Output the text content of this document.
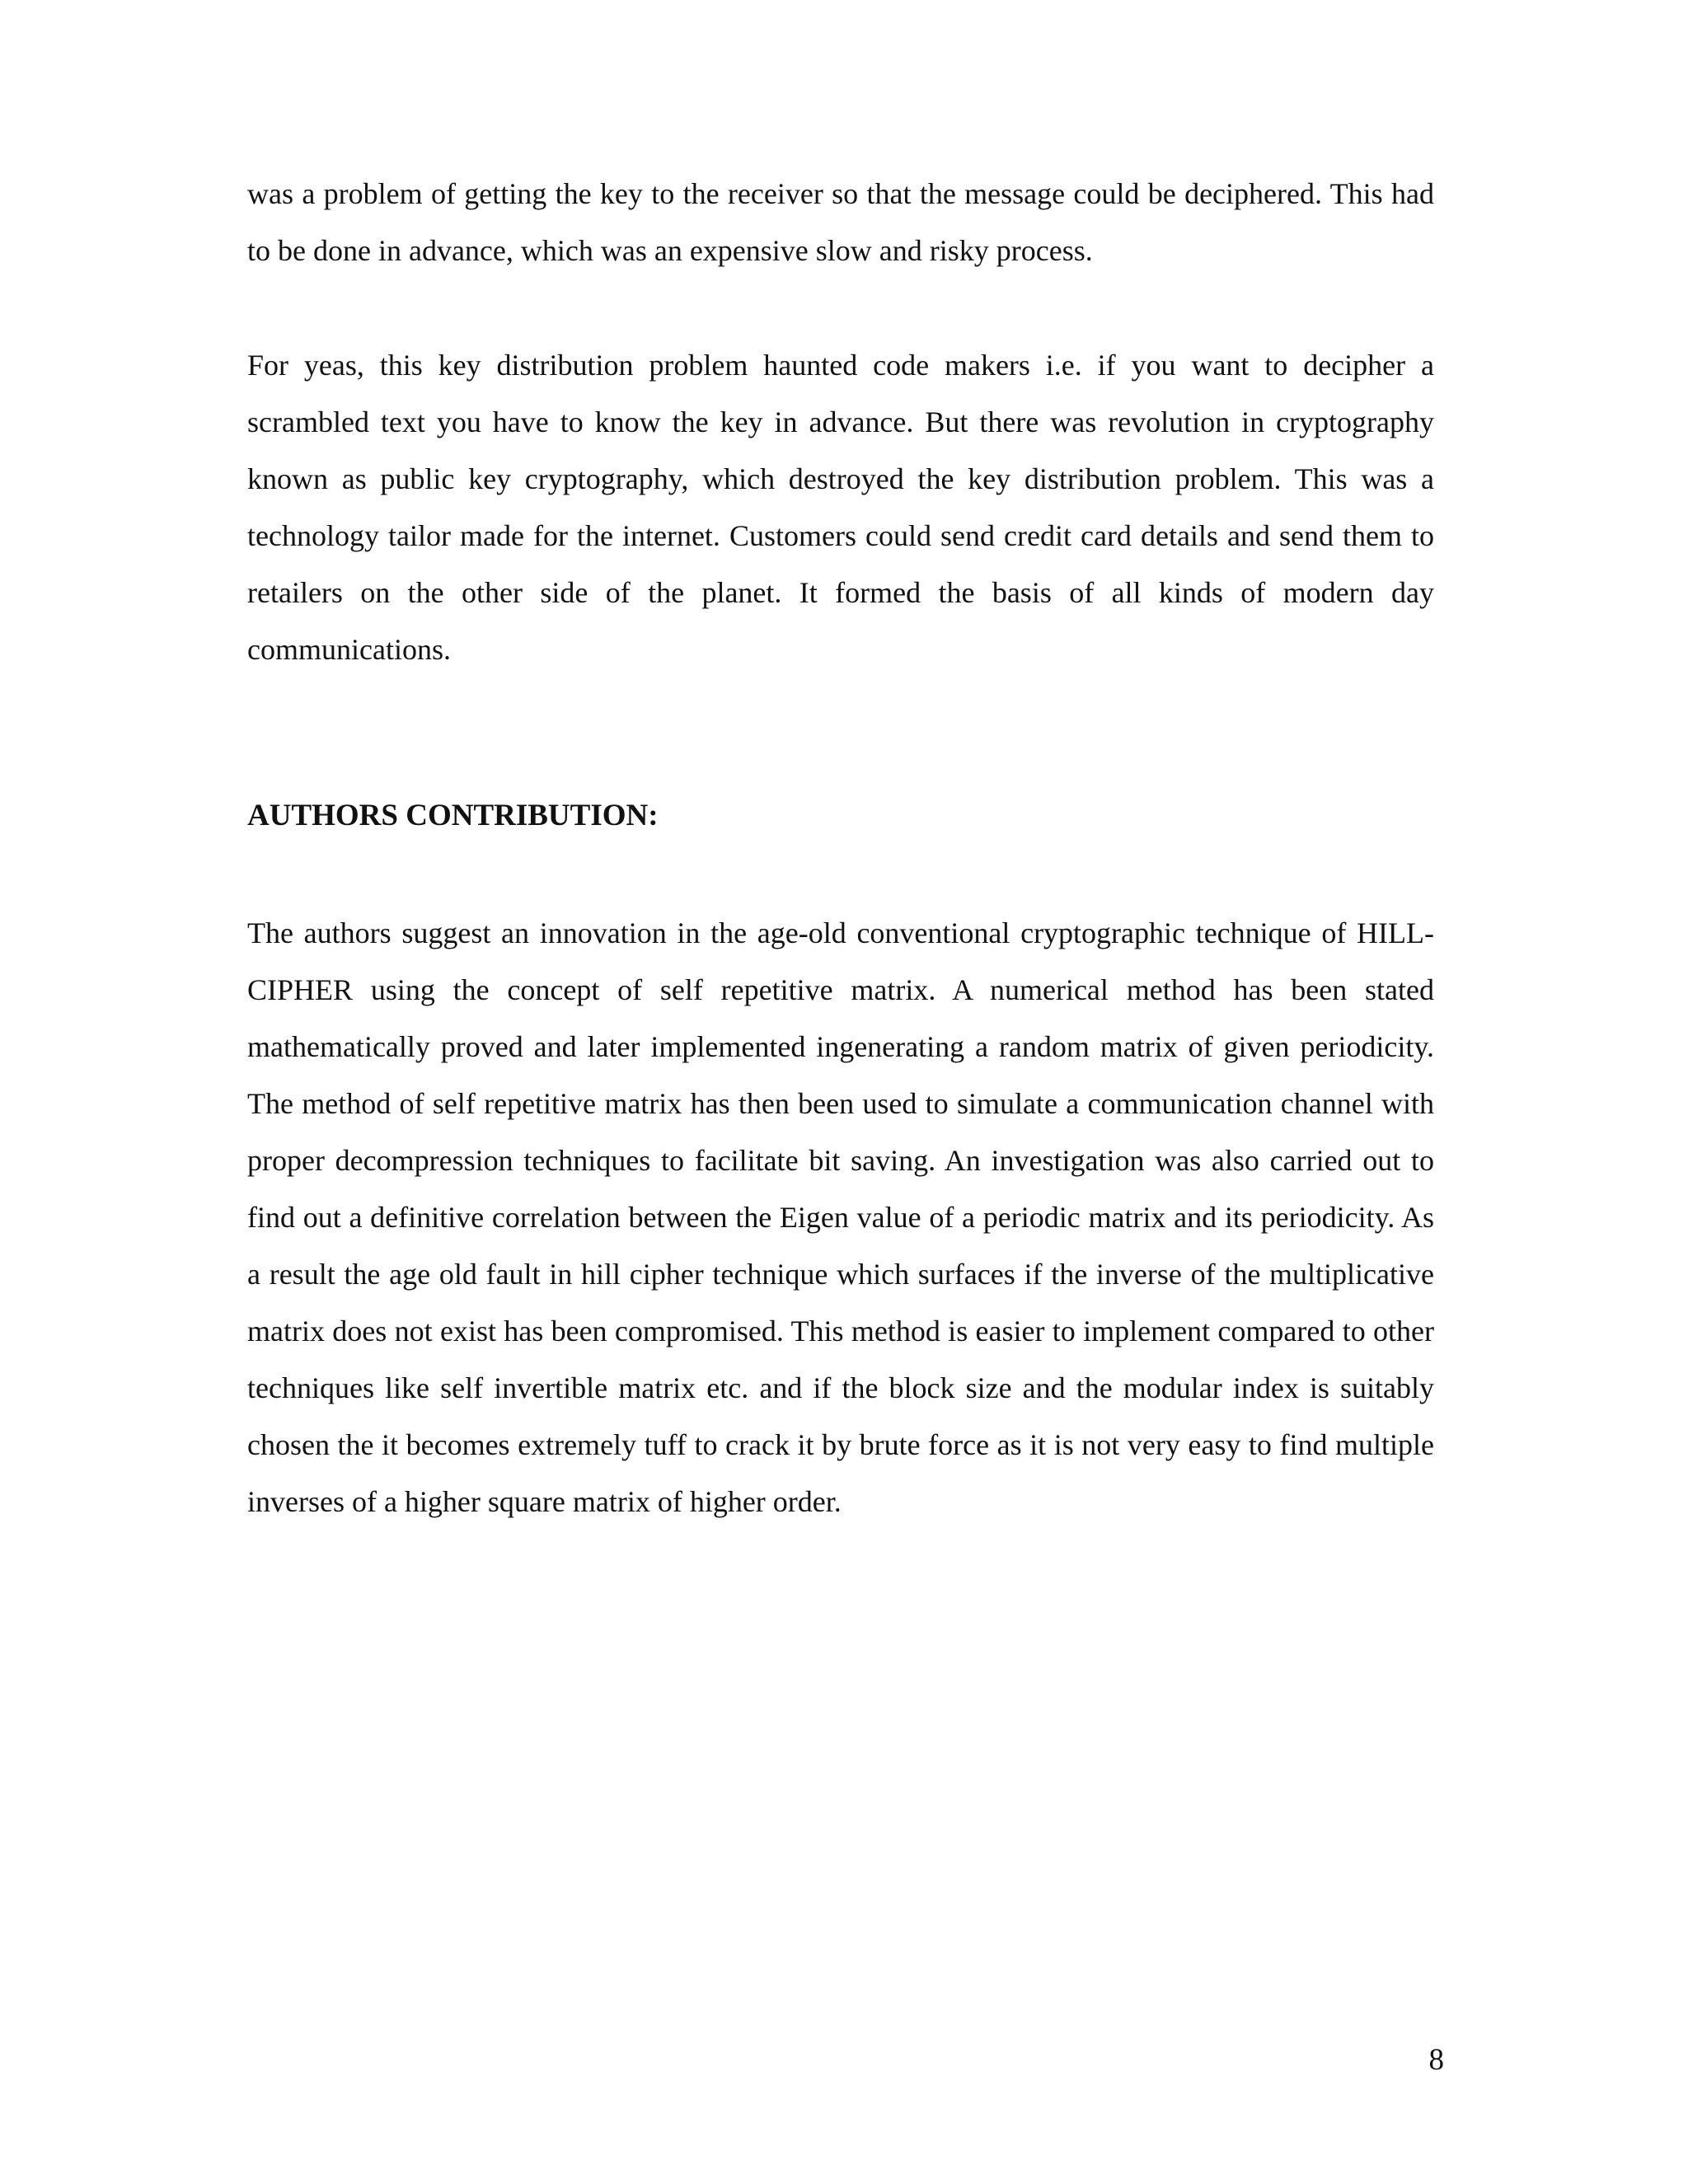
was a problem of getting the key to the receiver so that the message could be deciphered. This had to be done in advance, which was an expensive slow and risky process.

For yeas, this key distribution problem haunted code makers i.e. if you want to decipher a scrambled text you have to know the key in advance. But there was revolution in cryptography known as public key cryptography, which destroyed the key distribution problem. This was a technology tailor made for the internet. Customers could send credit card details and send them to retailers on the other side of the planet. It formed the basis of all kinds of modern day communications.

AUTHORS CONTRIBUTION:

The authors suggest an innovation in the age-old conventional cryptographic technique of HILL-CIPHER using the concept of self repetitive matrix. A numerical method has been stated mathematically proved and later implemented ingenerating a random matrix of given periodicity. The method of self repetitive matrix has then been used to simulate a communication channel with proper decompression techniques to facilitate bit saving. An investigation was also carried out to find out a definitive correlation between the Eigen value of a periodic matrix and its periodicity. As a result the age old fault in hill cipher technique which surfaces if the inverse of the multiplicative matrix does not exist has been compromised. This method is easier to implement compared to other techniques like self invertible matrix etc. and if the block size and the modular index is suitably chosen the it becomes extremely tuff to crack it by brute force as it is not very easy to find multiple inverses of a higher square matrix of higher order.

8
